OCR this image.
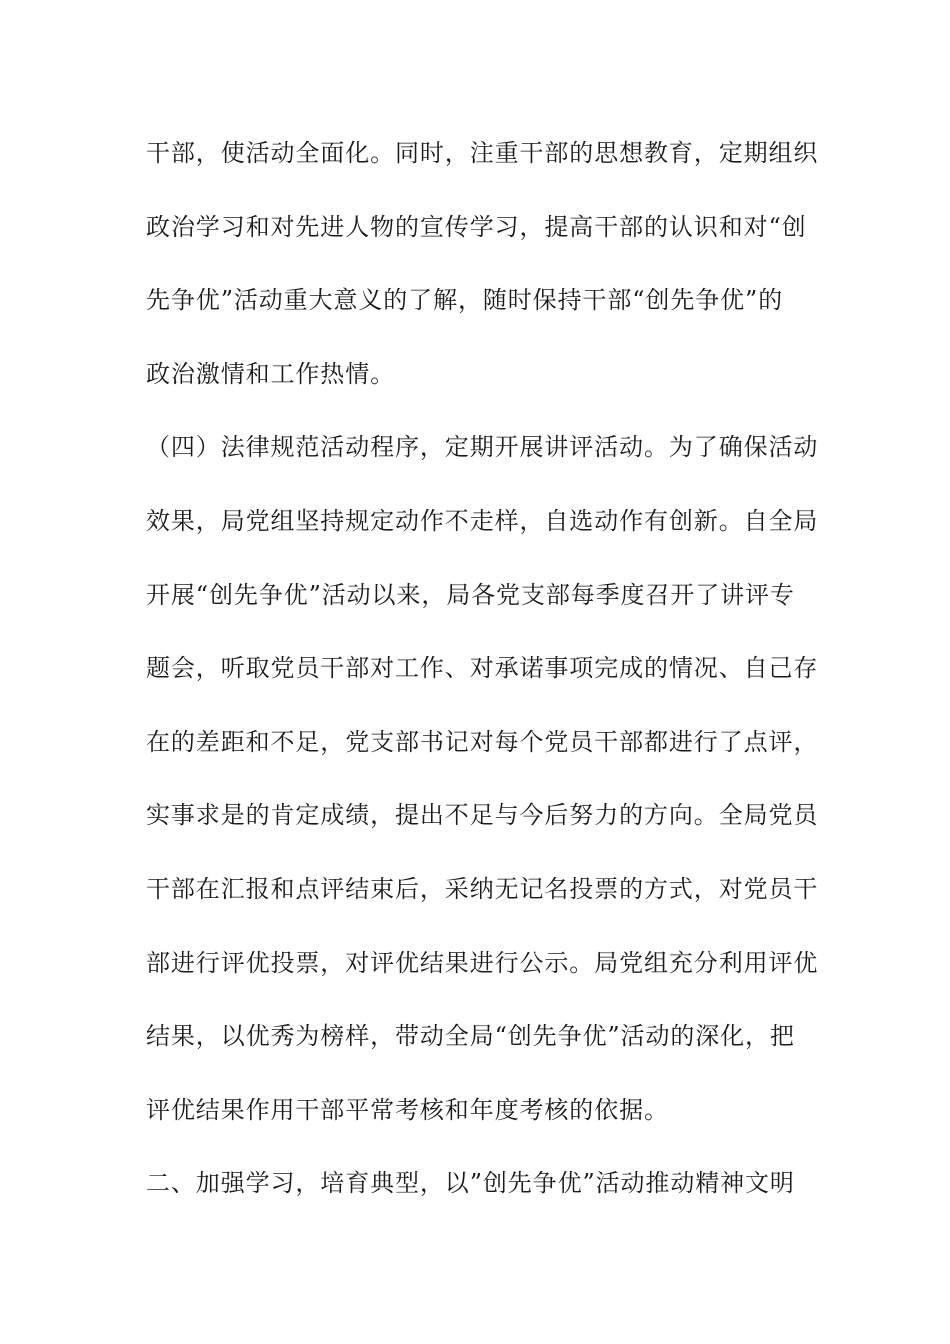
干部，使活动全面化。同时，注重干部的思想教育，定期组织
政治学习和对先进人物的宣传学习，提高干部的认识和对“创
先争优”活动重大意义的了解，随时保持干部“创先争优”的
政治激情和工作热情。
（四）法律规范活动程序，定期开展讲评活动。为了确保活动
效果，局党组坚持规定动作不走样，自选动作有创新。自全局
开展“创先争优”活动以来，局各党支部每季度召开了讲评专
题会，听取党员干部对工作、对承诺事项完成的情况、自己存
在的差距和不足，党支部书记对每个党员干部都进行了点评，
实事求是的肯定成绩，提出不足与今后努力的方向。全局党员
干部在汇报和点评结束后，采纳无记名投票的方式，对党员干
部进行评优投票，对评优结果进行公示。局党组充分利用评优
结果，以优秀为榜样，带动全局“创先争优”活动的深化，把
评优结果作用干部平常考核和年度考核的依据。
二、加强学习，培育典型，以”创先争优”活动推动精神文明
